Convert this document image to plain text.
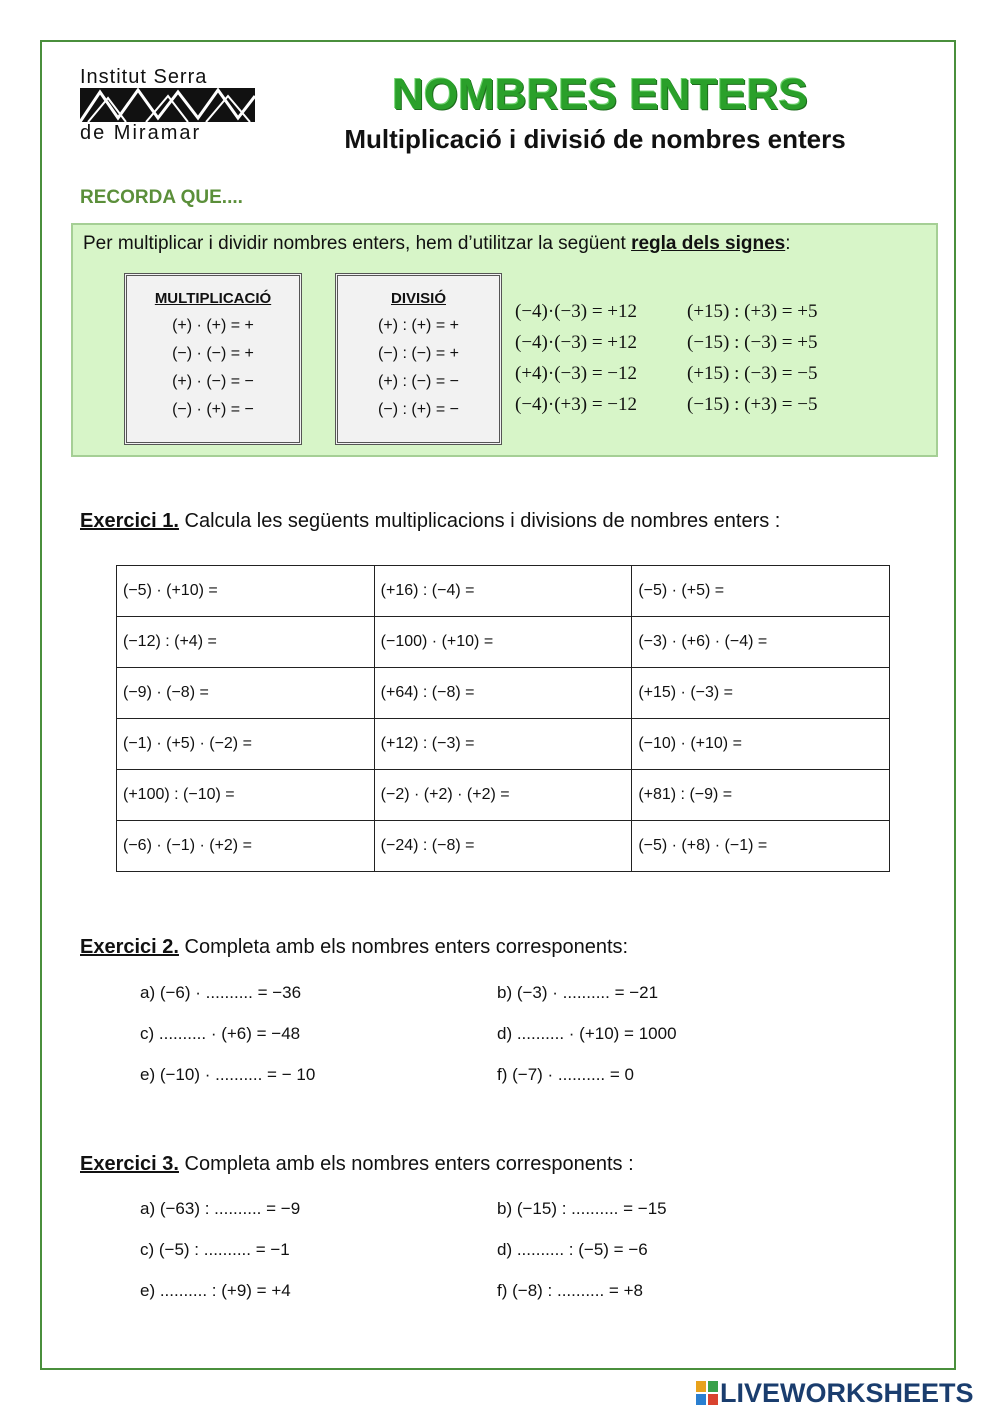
Institut Serra
de Miramar
NOMBRES ENTERS
Multiplicació i divisió de nombres enters
RECORDA QUE....
Per multiplicar i dividir nombres enters, hem d’utilitzar la següent regla dels signes:
MULTIPLICACIÓ
(+) · (+) = +
(−) · (−) = +
(+) · (−) = −
(−) · (+) = −
DIVISIÓ
(+) : (+) = +
(−) : (−) = +
(+) : (−) = −
(−) : (+) = −
(−4)·(−3) = +12
(−4)·(−3) = +12
(+4)·(−3) = −12
(−4)·(+3) = −12
(+15) : (+3) = +5
(−15) : (−3) = +5
(+15) : (−3) = −5
(−15) : (+3) = −5
Exercici 1. Calcula les següents multiplicacions i divisions de nombres enters :
(−5) · (+10) =	(+16) : (−4) =	(−5) · (+5) =
(−12) : (+4) =	(−100) · (+10) =	(−3) · (+6) · (−4) =
(−9) · (−8) =	(+64) : (−8) =	(+15) · (−3) =
(−1) · (+5) · (−2) =	(+12) : (−3) =	(−10) · (+10) =
(+100) : (−10) =	(−2) · (+2) · (+2) =	(+81) : (−9) =
(−6) · (−1) · (+2) =	(−24) : (−8) =	(−5) · (+8) · (−1) =
Exercici 2. Completa amb els nombres enters corresponents:
a) (−6) · .......... = −36	b) (−3) · .......... = −21
c) .......... · (+6) = −48	d) .......... · (+10) = 1000
e) (−10) · .......... = − 10	f) (−7) · .......... = 0
Exercici 3. Completa amb els nombres enters corresponents :
a) (−63) : .......... = −9	b) (−15) : .......... = −15
c) (−5) : .......... = −1	d) .......... : (−5) = −6
e) .......... : (+9) = +4	f) (−8) : .......... = +8
LIVEWORKSHEETS
